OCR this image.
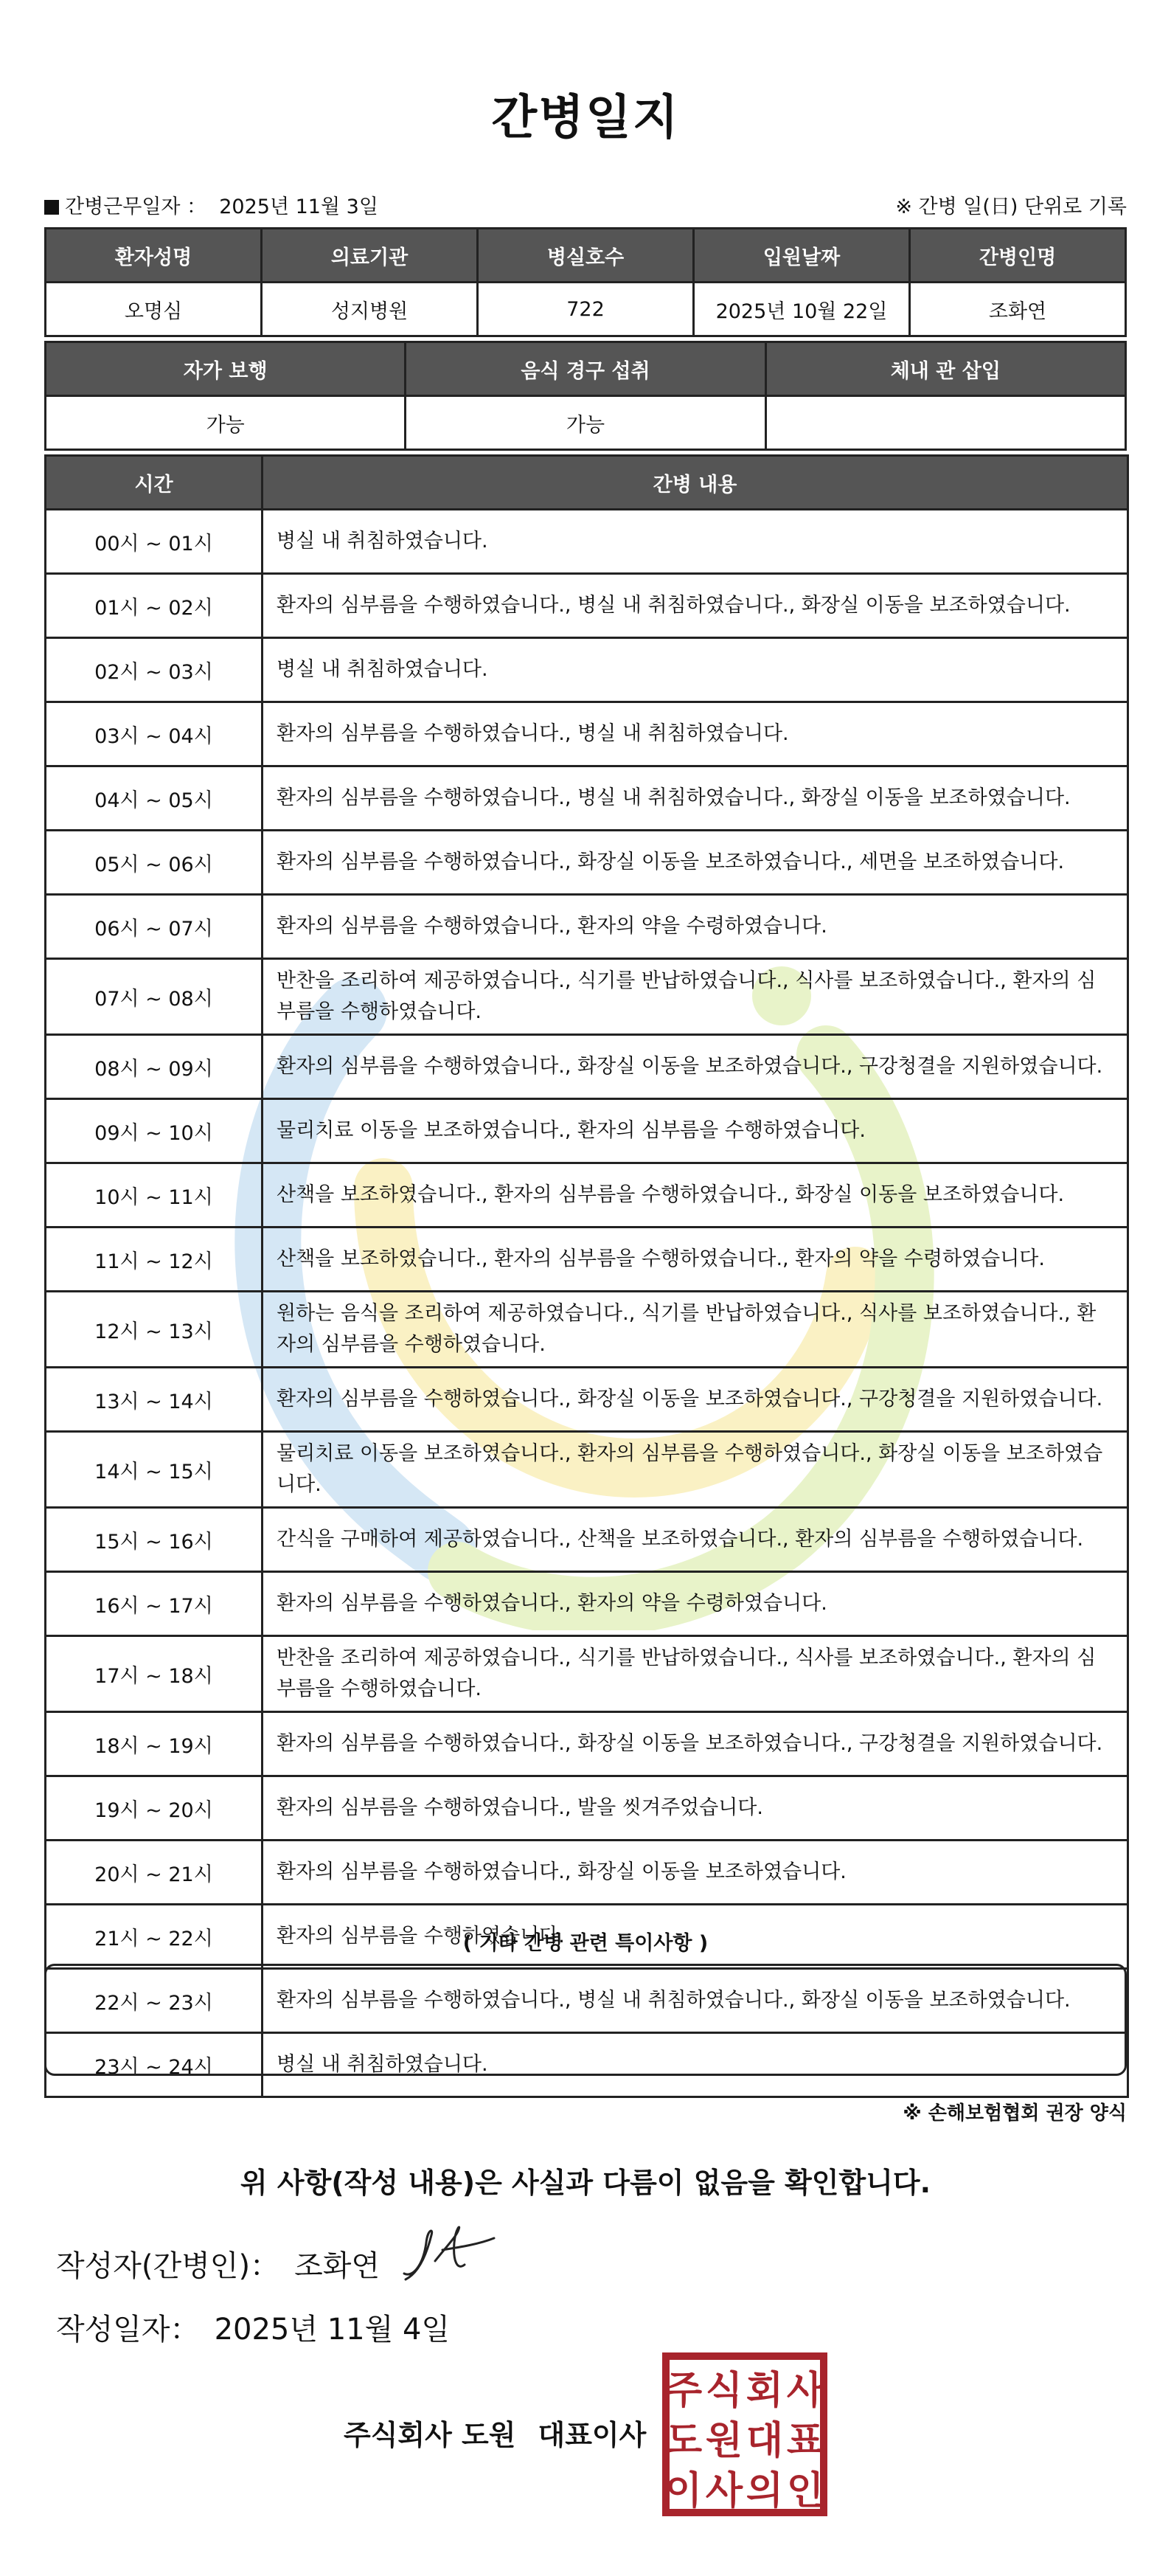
간병일지
간병근무일자 ： 2025년 11월 3일	※ 간병 일(日) 단위로 기록
환자성명	의료기관	병실호수	입원날짜	간병인명
오명심	성지병원	722	2025년 10월 22일	조화연
자가 보행	음식 경구 섭취	체내 관 삽입
가능	가능	
시간	간병 내용
00시 ~ 01시	병실 내 취침하였습니다.
01시 ~ 02시	환자의 심부름을 수행하였습니다., 병실 내 취침하였습니다., 화장실 이동을 보조하였습니다.
02시 ~ 03시	병실 내 취침하였습니다.
03시 ~ 04시	환자의 심부름을 수행하였습니다., 병실 내 취침하였습니다.
04시 ~ 05시	환자의 심부름을 수행하였습니다., 병실 내 취침하였습니다., 화장실 이동을 보조하였습니다.
05시 ~ 06시	환자의 심부름을 수행하였습니다., 화장실 이동을 보조하였습니다., 세면을 보조하였습니다.
06시 ~ 07시	환자의 심부름을 수행하였습니다., 환자의 약을 수령하였습니다.
07시 ~ 08시	반찬을 조리하여 제공하였습니다., 식기를 반납하였습니다., 식사를 보조하였습니다., 환자의 심부름을 수행하였습니다.
08시 ~ 09시	환자의 심부름을 수행하였습니다., 화장실 이동을 보조하였습니다., 구강청결을 지원하였습니다.
09시 ~ 10시	물리치료 이동을 보조하였습니다., 환자의 심부름을 수행하였습니다.
10시 ~ 11시	산책을 보조하였습니다., 환자의 심부름을 수행하였습니다., 화장실 이동을 보조하였습니다.
11시 ~ 12시	산책을 보조하였습니다., 환자의 심부름을 수행하였습니다., 환자의 약을 수령하였습니다.
12시 ~ 13시	원하는 음식을 조리하여 제공하였습니다., 식기를 반납하였습니다., 식사를 보조하였습니다., 환자의 심부름을 수행하였습니다.
13시 ~ 14시	환자의 심부름을 수행하였습니다., 화장실 이동을 보조하였습니다., 구강청결을 지원하였습니다.
14시 ~ 15시	물리치료 이동을 보조하였습니다., 환자의 심부름을 수행하였습니다., 화장실 이동을 보조하였습니다.
15시 ~ 16시	간식을 구매하여 제공하였습니다., 산책을 보조하였습니다., 환자의 심부름을 수행하였습니다.
16시 ~ 17시	환자의 심부름을 수행하였습니다., 환자의 약을 수령하였습니다.
17시 ~ 18시	반찬을 조리하여 제공하였습니다., 식기를 반납하였습니다., 식사를 보조하였습니다., 환자의 심부름을 수행하였습니다.
18시 ~ 19시	환자의 심부름을 수행하였습니다., 화장실 이동을 보조하였습니다., 구강청결을 지원하였습니다.
19시 ~ 20시	환자의 심부름을 수행하였습니다., 발을 씻겨주었습니다.
20시 ~ 21시	환자의 심부름을 수행하였습니다., 화장실 이동을 보조하였습니다.
21시 ~ 22시	환자의 심부름을 수행하였습니다.
22시 ~ 23시	환자의 심부름을 수행하였습니다., 병실 내 취침하였습니다., 화장실 이동을 보조하였습니다.
23시 ~ 24시	병실 내 취침하였습니다.
( 기타 간병 관련 특이사항 )
※ 손해보험협회 권장 양식
위 사항(작성 내용)은 사실과 다름이 없음을 확인합니다.
작성자(간병인)： 조화연
작성일자： 2025년 11월 4일
주식회사 도원 대표이사
주 식 회 사
도 원 대 표
이 사 의 인
